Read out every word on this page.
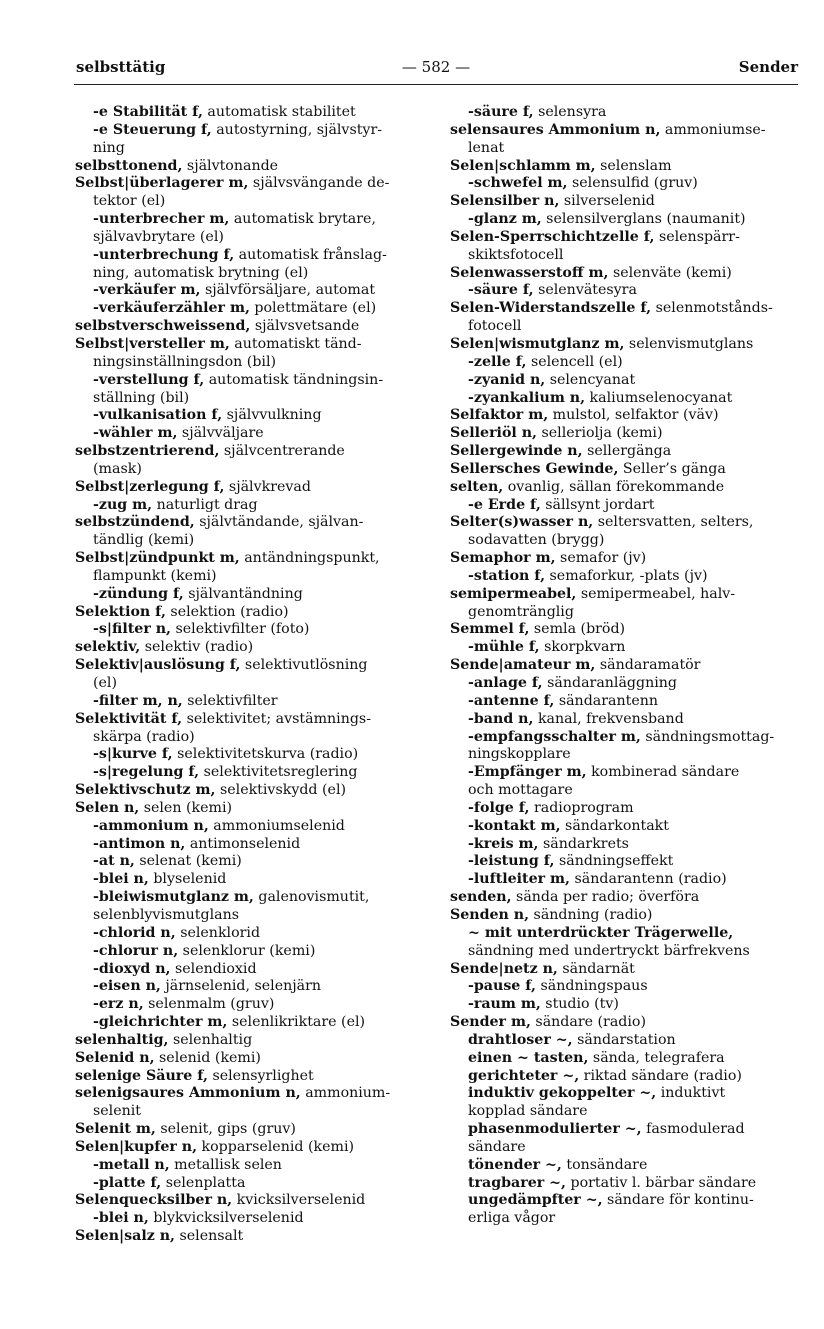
selbsttätig	— 582 —	Sender
-e Stabilität f, automatisk stabilitet
-e Steuerung f, autostyrning, självstyr-
ning
selbsttonend, självtonande
Selbst|überlagerer m, självsvängande de-
tektor (el)
-unterbrecher m, automatisk brytare,
självavbrytare (el)
-unterbrechung f, automatisk frånslag-
ning, automatisk brytning (el)
-verkäufer m, självförsäljare, automat
-verkäuferzähler m, polettmätare (el)
selbstverschweissend, självsvetsande
Selbst|versteller m, automatiskt tänd-
ningsinställningsdon (bil)
-verstellung f, automatisk tändningsin-
ställning (bil)
-vulkanisation f, självvulkning
-wähler m, självväljare
selbstzentrierend, självcentrerande
(mask)
Selbst|zerlegung f, självkrevad
-zug m, naturligt drag
selbstzündend, självtändande, självan-
tändlig (kemi)
Selbst|zündpunkt m, antändningspunkt,
flampunkt (kemi)
-zündung f, självantändning
Selektion f, selektion (radio)
-s|filter n, selektivfilter (foto)
selektiv, selektiv (radio)
Selektiv|auslösung f, selektivutlösning
(el)
-filter m, n, selektivfilter
Selektivität f, selektivitet; avstämnings-
skärpa (radio)
-s|kurve f, selektivitetskurva (radio)
-s|regelung f, selektivitetsreglering
Selektivschutz m, selektivskydd (el)
Selen n, selen (kemi)
-ammonium n, ammoniumselenid
-antimon n, antimonselenid
-at n, selenat (kemi)
-blei n, blyselenid
-bleiwismutglanz m, galenovismutit,
selenblyvismutglans
-chlorid n, selenklorid
-chlorur n, selenklorur (kemi)
-dioxyd n, selendioxid
-eisen n, järnselenid, selenjärn
-erz n, selenmalm (gruv)
-gleichrichter m, selenlikriktare (el)
selenhaltig, selenhaltig
Selenid n, selenid (kemi)
selenige Säure f, selensyrlighet
selenigsaures Ammonium n, ammonium-
selenit
Selenit m, selenit, gips (gruv)
Selen|kupfer n, kopparselenid (kemi)
-metall n, metallisk selen
-platte f, selenplatta
Selenquecksilber n, kvicksilverselenid
-blei n, blykvicksilverselenid
Selen|salz n, selensalt
-säure f, selensyra
selensaures Ammonium n, ammoniumse-
lenat
Selen|schlamm m, selenslam
-schwefel m, selensulfid (gruv)
Selensilber n, silverselenid
-glanz m, selensilverglans (naumanit)
Selen-Sperrschichtzelle f, selenspärr-
skiktsfotocell
Selenwasserstoff m, selenväte (kemi)
-säure f, selenvätesyra
Selen-Widerstandszelle f, selenmotstånds-
fotocell
Selen|wismutglanz m, selenvismutglans
-zelle f, selencell (el)
-zyanid n, selencyanat
-zyankalium n, kaliumselenocyanat
Selfaktor m, mulstol, selfaktor (väv)
Selleriöl n, selleriolja (kemi)
Sellergewinde n, sellergänga
Sellersches Gewinde, Seller’s gänga
selten, ovanlig, sällan förekommande
-e Erde f, sällsynt jordart
Selter(s)wasser n, seltersvatten, selters,
sodavatten (brygg)
Semaphor m, semafor (jv)
-station f, semaforkur, -plats (jv)
semipermeabel, semipermeabel, halv-
genomtränglig
Semmel f, semla (bröd)
-mühle f, skorpkvarn
Sende|amateur m, sändaramatör
-anlage f, sändaranläggning
-antenne f, sändarantenn
-band n, kanal, frekvensband
-empfangsschalter m, sändningsmottag-
ningskopplare
-Empfänger m, kombinerad sändare
och mottagare
-folge f, radioprogram
-kontakt m, sändarkontakt
-kreis m, sändarkrets
-leistung f, sändningseffekt
-luftleiter m, sändarantenn (radio)
senden, sända per radio; överföra
Senden n, sändning (radio)
~ mit unterdrückter Trägerwelle,
sändning med undertryckt bärfrekvens
Sende|netz n, sändarnät
-pause f, sändningspaus
-raum m, studio (tv)
Sender m, sändare (radio)
drahtloser ~, sändarstation
einen ~ tasten, sända, telegrafera
gerichteter ~, riktad sändare (radio)
induktiv gekoppelter ~, induktivt
kopplad sändare
phasenmodulierter ~, fasmodulerad
sändare
tönender ~, tonsändare
tragbarer ~, portativ l. bärbar sändare
ungedämpfter ~, sändare för kontinu-
erliga vågor
